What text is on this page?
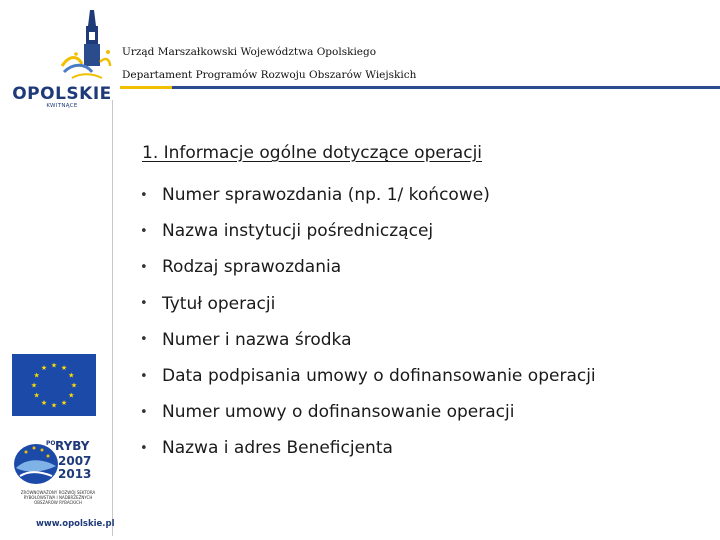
OPOLSKIE
KWITNĄCE
Urząd Marszałkowski Województwa Opolskiego
Departament Programów Rozwoju Obszarów Wiejskich
1. Informacje ogólne dotyczące operacji
• Numer sprawozdania (np. 1/ końcowe)
• Nazwa instytucji pośredniczącej
• Rodzaj sprawozdania
• Tytuł operacji
• Numer i nazwa środka
• Data podpisania umowy o dofinansowanie operacji
• Numer umowy o dofinansowanie operacji
• Nazwa i adres Beneficjenta
★ ★
★
★
★
★
★
★
★
★
★
★
PO RYBY
2007
2013
ZRÓWNOWAŻONY ROZWÓJ SEKTORA RYBOŁÓWSTWA I NADBRZEŻNYCH OBSZARÓW RYBACKICH
www.opolskie.pl
